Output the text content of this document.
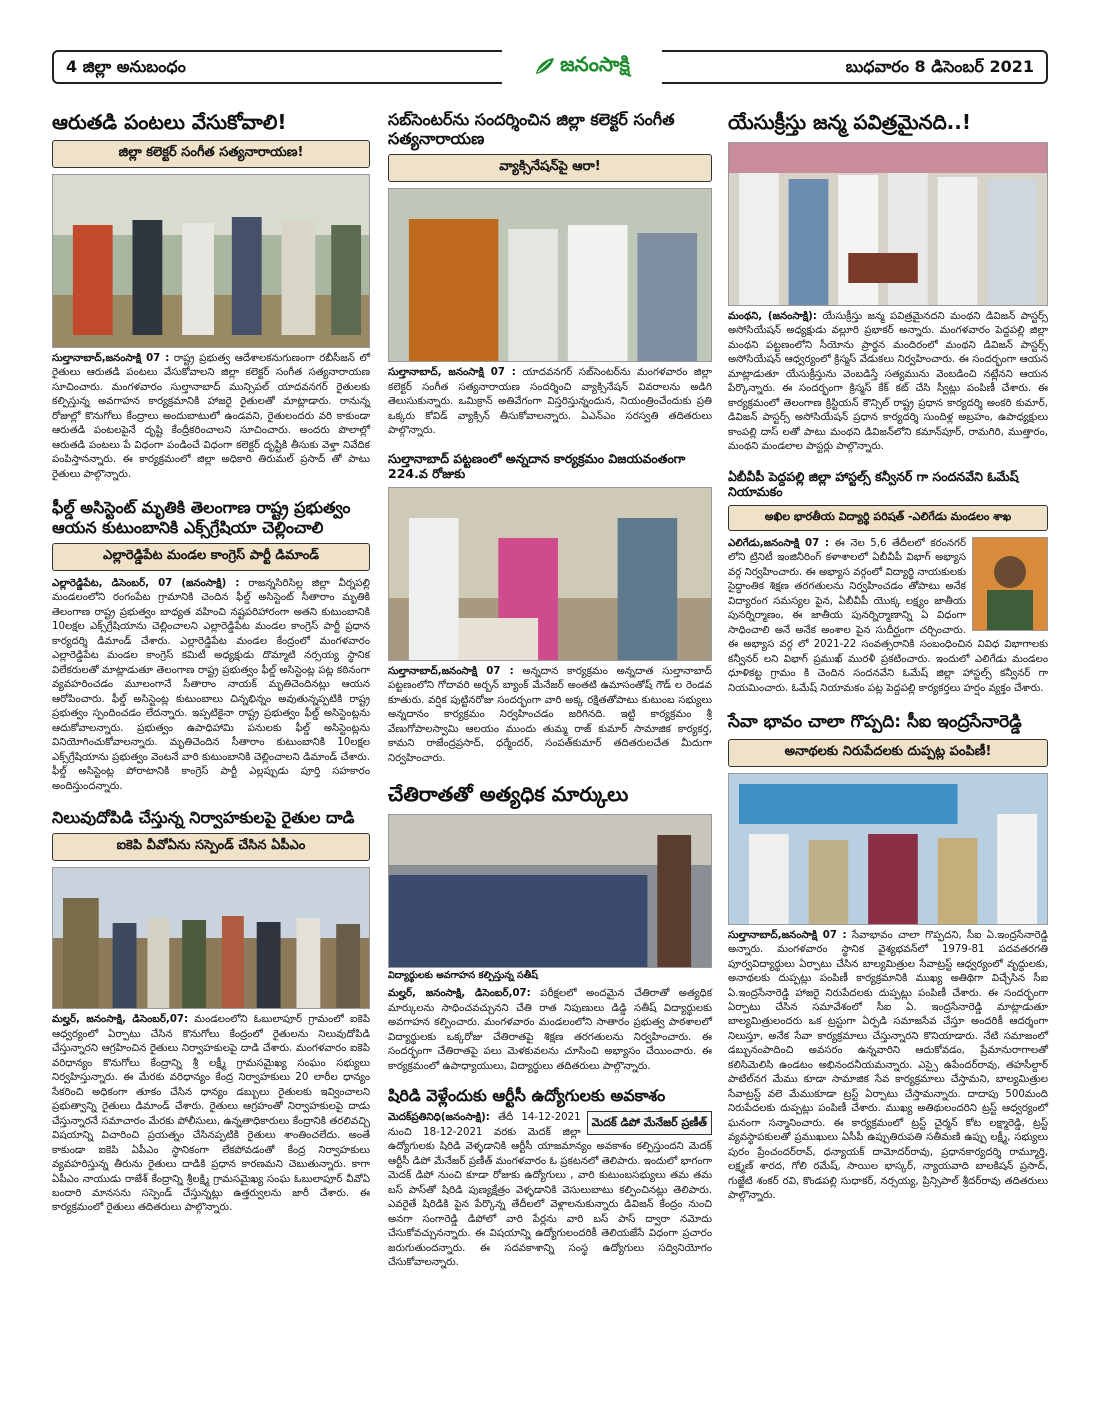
4 జిల్లా అనుబంధం	జనంసాక్షి	బుధవారం 8 డిసెంబర్ 2021
ఆరుతడి పంటలు వేసుకోవాలి!
జిల్లా కలెక్టర్ సంగీత సత్యనారాయణ!

సుల్తానాబాద్,జనంసాక్షి 07 : రాష్ట్ర ప్రభుత్వ ఆదేశాలకనుగుణంగా రబీసీజన్ లో రైతులు ఆరుతడి పంటలు వేసుకోవాలని జిల్లా కలెక్టర్ సంగీత సత్యనారాయణ సూచించారు. మంగళవారం సుల్తానాబాద్ మున్సిపల్ యాదవనగర్ రైతులకు కల్పిస్తున్న అవగాహన కార్యక్రమానికి హాజరై రైతులతో మాట్లాడారు. రానున్న రోజుల్లో కొనుగోలు కేంద్రాలు అందుబాటులో ఉండవని, రైతులందరు వరి కాకుండా ఆరుతడి పంటలపైనే దృష్టి కేంద్రీకరించాలని సూచించారు. అందరు పొలాల్లో ఆరుతడి పంటలు పే విధంగా పండించే విధంగా కలెక్టర్ దృష్టికి తీసుకు వెళ్తా నివేదిక పంపిస్తానన్నారు. ఈ కార్యక్రమంలో జిల్లా అధికారి తిరుమల్ ప్రసాద్ తో పాటు రైతులు పాల్గొన్నారు.

ఫీల్డ్ అసిస్టెంట్ మృతికి తెలంగాణ రాష్ట్ర ప్రభుత్వం ఆయన కుటుంబానికి ఎక్స్‌గ్రేషియా చెల్లించాలి
ఎల్లారెడ్డిపేట మండల కాంగ్రెస్ పార్టీ డిమాండ్

ఎల్లారెడ్డిపేట, డిసెంబర్, 07 (జనంసాక్షి) : రాజన్నసిరిసిల్ల జిల్లా వీర్నపల్లి మండలంలోని రంగంపేట గ్రామానికి చెందిన ఫీల్డ్ అసిస్టెంట్ సీతారాం మృతికి తెలంగాణ రాష్ట్ర ప్రభుత్వం బాధ్యత వహించి నష్టపరిహారంగా అతని కుటుంబానికి 10లక్షల ఎక్స్‌గ్రేషియాను చెల్లించాలని ఎల్లారెడ్డిపేట మండల కాంగ్రెస్ పార్టీ ప్రధాన కార్యదర్శి డిమాండ్ చేశారు. ఎల్లారెడ్డిపేట మండల కేంద్రంలో మంగళవారం ఎల్లారెడ్డిపేట మండల కాంగ్రెస్ కమిటీ అధ్యక్షుడు దొమ్మాటి నర్సయ్య స్థానిక విలేకరులతో మాట్లాడుతూ తెలంగాణ రాష్ట్ర ప్రభుత్వం ఫీల్డ్ అసిస్టెంట్ల పట్ల కఠినంగా వ్యవహరించడం మూలంగానే సీతారాం నాయక్ మృతిచెందినట్లు ఆయన ఆరోపించారు. ఫీల్డ్ అసిస్టెంట్ల కుటుంబాలు చిన్నభిన్నం అవుతున్నప్పటికి రాష్ట్ర ప్రభుత్వం స్పందించడం లేదన్నారు. ఇప్పటికైనా రాష్ట్ర ప్రభుత్వం ఫీల్డ్ అసిస్టెంట్లను ఆదుకోవాలన్నారు. ప్రభుత్వం ఉపాధిహామి పనులకు ఫీల్డ్ అసిస్టెంట్లను వినియోగించుకోవాలన్నారు. మృతిచెందిన సీతారాం కుటుంబానికి 10లక్షల ఎక్స్‌గ్రేషియాను ప్రభుత్వం వెంటనే వారి కుటుంబానికి చెల్లించాలని డిమాండ్ చేశారు. ఫీల్డ్ అసిస్టెంట్ల పోరాటానికి కాంగ్రెస్ పార్టీ ఎల్లప్పుడు పూర్తి సహకారం అందిస్తుందన్నారు.

నిలువుదోపిడి చేస్తున్న నిర్వాహకులపై రైతుల దాడి
ఐకెపి వీవోఏను సస్పెండ్ చేసిన ఏపీఎం

మల్హర్, జనంసాక్షి, డిసెంబర్,07: మండలంలోని ఓబులాపూర్ గ్రామంలో ఐకెపి ఆధ్వర్యంలో ఏర్పాటు చేసిన కొనుగోలు కేంద్రంలో రైతులను నిలువుదోపిడి చేస్తున్నారని ఆగ్రహించిన రైతులు నిర్వాహకులపై దాడి చేశారు. మంగళవారం ఐకెపి వరిధాన్యం కొనుగోలు కేంద్రాన్ని శ్రీ లక్ష్మీ గ్రామసమైఖ్య సంఘం సభ్యులు నిర్వహిస్తున్నారు. ఈ మేరకు వరిధాన్యం కేంద్ర నిర్వాహకులు 20 లారీల ధాన్యం సేకరించి అధికంగా తూకం చేసిన ధాన్యం డబ్బులు రైతులకు ఇవ్వించాలని ప్రభుత్వాన్ని రైతులు డిమాండ్ చేశారు. రైతులు ఆగ్రహంతో నిర్వాహకులపై దాడు చేస్తున్నారనే సమాచారం మేరకు పోలీసులు, ఉన్నతాధికారులు కేంద్రానికి తరలివచ్చి విషయాన్ని విచారించి ప్రయత్నం చేసినప్పటికి రైతులు శాంతించలేదు. అంతే కాకుండా ఐకెపి ఏపీఎం స్థానికంగా లేకపోవడంతో కేంద్ర నిర్వాహకులు వ్యవహరిస్తున్న తీరును రైతులు దాడికి ప్రధాన కారణమని చెబుతున్నారు. కాగా ఏపీఎం నాయుడు రాజేశ్ కేంద్రాన్ని శ్రీలక్ష్మి గ్రామసమైఖ్య సంఘ ఓబులాపూర్ వీవోఏ బందారి మానసను సస్పెండ్ చేస్తున్నట్లు ఉత్తర్వులను జారీ చేశారు. ఈ కార్యక్రమంలో రైతులు తదితరులు పాల్గొన్నారు.

సబ్‌సెంటర్‌ను సందర్శించిన జిల్లా కలెక్టర్ సంగీత సత్యనారాయణ
వ్యాక్సినేషన్‌పై ఆరా!

సుల్తానాబాద్, జనంసాక్షి 07 : యాదవనగర్ సబ్‌సెంటర్‌ను మంగళవారం జిల్లా కలెక్టర్ సంగీత సత్యనారాయణ సందర్శించి వ్యాక్సినేషన్ వివరాలను అడిగి తెలుసుకున్నారు. ఒమిక్రాన్ అతివేగంగా విస్తరిస్తున్నందున, నియంత్రించేందుకు ప్రతి ఒక్కరు కోవిడ్ వ్యాక్సిన్ తీసుకోవాలన్నారు. ఏఎన్ఎం సరస్వతి తదితరులు పాల్గొన్నారు.

సుల్తానాబాద్ పట్టణంలో అన్నదాన కార్యక్రమం విజయవంతంగా 224.వ రోజుకు

సుల్తానాబాద్,జనంసాక్షి 07 : అన్నదాన కార్యక్రమం అన్నదాత సుల్తానాబాద్ పట్టణంలోని గోదావరి అర్బన్ బ్యాంక్ మేనేజర్ అంతటి ఉమాసంతోష్ గౌడ్ ల రెండవ కూతురు. వర్షిక పుట్టినరోజు సందర్భంగా వారి అక్క రక్షితతోపాటు కుటుంబ సభ్యులు అన్నదానం కార్యక్రమం నిర్వహించడం జరిగినది. ఇట్టి కార్యక్రమం శ్రీ వేణుగోపాలస్వామి ఆలయం ముందు తుమ్మ రాజ్ కుమార్ సామాజిక కార్యకర్త, కామని రాజేంద్రప్రసాద్, ధర్మేందర్, సంపత్‌కుమార్ తదితరులచేత మీదుగా నిర్వహించారు.

చేతిరాతతో అత్యధిక మార్కులు
విద్యార్థులకు అవగాహన కల్పిస్తున్న సతీష్

మల్హర్, జనంసాక్షి, డిసెంబర్,07: పరీక్షలలో అందమైన చేతిరాతో అత్యధిక మార్కులను సాధించవచ్చునని చేతి రాత నిపుణులు డిడ్డి సతీష్ విద్యార్థులకు అవగాహన కల్పించారు. మంగళవారం మండలంలోని సాతారం ప్రభుత్వ పాఠశాలలో విద్యార్థులకు ఒక్కరోజు చేతిరాతపై శిక్షణ తరగతులను నిర్వహించారు. ఈ సందర్భంగా చేతిరాతపై పలు మెళకువలను చూసించి అభ్యాసం చేయించారు. ఈ కార్యక్రమంలో ఉపాధ్యాయులు, విద్యార్థులు తదితరులు పాల్గొన్నారు.

షిరిడి వెళ్లేందుకు ఆర్టీసీ ఉద్యోగులకు అవకాశం

మెదక్ డిపో మేనేజర్ ప్రణీత్
మెదక్‌ప్రతినిధి(జనంసాక్షి): తేదీ 14-12-2021 నుంచి 18-12-2021 వరకు మెదక్ జిల్లా ఉద్యోగులకు షిరిడి వెళ్ళడానికి ఆర్టీసీ యాజమాన్యం అవకాశం కల్పిస్తుందని మెదక్ ఆర్టీసీ డిపో మేనేజర్ ప్రణీత్ మంగళవారం ఓ ప్రకటనలో తెలిపారు. ఇందులో భాగంగా మెదక్ డిపో నుంచి కూడా రోజుకు ఉద్యోగులు , వారి కుటుంబసభ్యులు తమ తమ బస్ పాస్‌తో షిరిడి పుణ్యక్షేత్రం వెళ్ళడానికి వెసులుబాటు కల్పించినట్లు తెలిపారు. ఎవరైతే షిరిడికి పైన పేర్కొన్న తేదీలలో వెళ్లాలనుకున్నారు డివిజన్ కేంద్రం నుంచి అనగా సంగారెడ్డి డిపోలో వారి పేర్లను వారి బస్ పాస్ ద్వారా నమోదు చేసుకోవచ్చునన్నారు. ఈ విషయాన్ని ఉద్యోగులందరికీ తెలియజేసే విధంగా ప్రచారం జరుగుతుందన్నారు. ఈ సదవకాశాన్ని సంస్థ ఉద్యోగులు సద్వినియోగం చేసుకోవాలన్నారు.

యేసుక్రీస్తు జన్మ పవిత్రమైనది..!

మంథని, (జనంసాక్షి): యేసుక్రీస్తు జన్మ పవిత్రమైనదని మంథని డివిజన్ పాస్టర్స్ అసోసియేషన్ అధ్యక్షుడు వల్లూరి ప్రభాకర్ అన్నారు. మంగళవారం పెద్దపల్లి జిల్లా మంథని పట్టణంలోని సీయోను ప్రార్థన మందిరంలో మంథని డివిజన్ పాస్టర్స్ అసోసియేషన్ ఆధ్వర్యంలో క్రిస్మస్ వేడుకలు నిర్వహించారు. ఈ సందర్భంగా ఆయన మాట్లాడుతూ యేసుక్రీస్తును వెంబడిస్తే సత్యమును వెంబడించి నట్లేనని ఆయన పేర్కొన్నారు. ఈ సందర్భంగా క్రిస్మస్ కేక్ కట్ చేసి స్వీట్లు పంపిణీ చేశారు. ఈ కార్యక్రమంలో తెలంగాణ క్రిస్టియన్ కౌన్సిల్ రాష్ట్ర ప్రధాన కార్యదర్శి అంకరి కుమార్, డివిజన్ పాస్టర్స్ అసోసియేషన్ ప్రధాన కార్యదర్శి సుందిళ్ల అబ్రహం, ఉపాధ్యక్షులు కాంపల్లి దాస్ లతో పాటు మంథని డివిజన్‌లోని కమాన్‌పూర్, రామగిరి, ముత్తారం, మంథని మండలాల పాస్టర్లు పాల్గొన్నారు.

ఏబీవీపీ పెద్దపల్లి జిల్లా హాస్టల్స్ కన్వీనర్ గా సందనవేని ఓమేష్ నియామకం
అఖిల భారతీయ విద్యార్థి పరిషత్ -ఎలిగేడు మండలం శాఖ

ఎలిగేడు,జనంసాక్షి 07 : ఈ నెల 5,6 తేదీలలో కరంనగర్ లోని ట్రినిటీ ఇంజినీరింగ్ కళాశాలలో ఏబీవీపీ విభాగ్ అభ్యాస వర్గ నిర్వహించారు. ఈ అభ్యాస వర్గంలో విద్యార్థి నాయకులకు సైద్ధాంతిక శిక్షణ తరగతులను నిర్వహించడం తోపాటు అనేక విద్యారంగ సమస్యల పైన, ఏబీవీపీ యొక్క లక్ష్యం జాతీయ పునర్నిర్మాణం, ఈ జాతీయ పునర్నిర్మాణాన్ని ఏ విధంగా సాధించాలి అనే అనేక అంశాల పైన సుదీర్ఘంగా చర్చించారు. ఈ అభ్యాస వర్గ లో 2021-22 సంవత్సరానికి సంబంధించిన వివిధ విభాగాలకు కన్వీనర్ లని విభాగ్ ప్రముఖ్ మురళీ ప్రకటించారు. ఇందులో ఎలిగేడు మండలం ధూళికట్ట గ్రామం కి చెందిన సందనవేని ఓమేష్ జిల్లా హాస్టల్స్ కన్వీనర్ గా నియమించారు. ఓమేష్ నియామకం పట్ల పెద్దపల్లి కార్యకర్తలు హర్షం వ్యక్తం చేశారు.

సేవా భావం చాలా గొప్పది: సీఐ ఇంద్రసేనారెడ్డి
అనాథలకు నిరుపేదలకు దుప్పట్ల పంపిణీ!

సుల్తానాబాద్,జనంసాక్షి 07 : సేవాభావం చాలా గొప్పదని, సీఐ ఏ.ఇంద్రసేనారెడ్డి అన్నారు. మంగళవారం స్థానిక వైశ్యభవన్‌లో 1979-81 పదవతరగతి పూర్వవిద్యార్థులు ఏర్పాటు చేసిన బాల్యమిత్రుల సేవాట్రస్ట్ ఆధ్వర్యంలో వృద్ధులకు, అనాథలకు దుప్పట్లు పంపిణీ కార్యక్రమానికి ముఖ్య అతిథిగా విచ్చేసిన సీఐ ఏ.ఇంద్రసేనారెడ్డి హాజరై నిరుపేదలకు దుప్పట్లు పంపిణీ చేశారు. ఈ సందర్భంగా ఏర్పాటు చేసిన సమావేశంలో సీఐ ఏ. ఇంద్రసేనారెడ్డి మాట్లాడుతూ బాల్యమిత్రులందరు ఒక ట్రస్టుగా ఏర్పడి సమాజసేవ చేస్తూ అందరికీ ఆదర్శంగా నిలుస్తూ, అనేక సేవా కార్యక్రమాలు చేస్తున్నారని కొనియాడారు. నేటి సమాజంలో డబ్బునంపాదించి అవసరం ఉన్నవారిని ఆదుకోవడం, ప్రేమానురాగాలతో కలిసిమెలిసి ఉండటం అభినందనీయమన్నారు. ఎస్సై ఉపేందర్‌రావు, తహసీల్దార్ పాటిల్‌నగ మేము కూడా సామాజిక సేవ కార్యక్రమాలు చేస్తామని, బాల్యమిత్రుల సేవాట్రస్ట్ వలె మేముకూడా ట్రస్ట్ ఏర్పాటు చేస్తామన్నారు. దాదాపు 500మంది నిరుపేదలకు దుప్పట్లు పంపిణీ చేశారు. ముఖ్య అతిథులందరిని ట్రస్ట్ ఆధ్వర్యంలో ఘనంగా సన్మానించారు. ఈ కార్యక్రమంలో ట్రస్ట్ చైర్మన్ కోట లక్ష్మారెడ్డి, ట్రస్ట్ వ్యవస్థాపకులతో ప్రముఖులు ఏసీపీ ఉప్పుతిరుపతి సతీమణి ఉప్పు లక్ష్మీ, సభ్యులు పురం ప్రేంచందర్‌రావ్, ధన్యాయక్ దామోదర్‌రావు, ప్రధానకార్యదర్శి రామ్మూర్తి, లక్ష్మణ్ శారద, గోలి రమేష్, సాయిల భాస్కర్, న్యాయవాది బాలకిషన్ ప్రసాద్, గుజ్జేటి శంకర్ రవి, కొండపల్లి సుధాకర్, నర్సయ్య, ప్రిన్సిపాల్ శ్రీదర్‌రావు తదితరులు పాల్గొన్నారు.
